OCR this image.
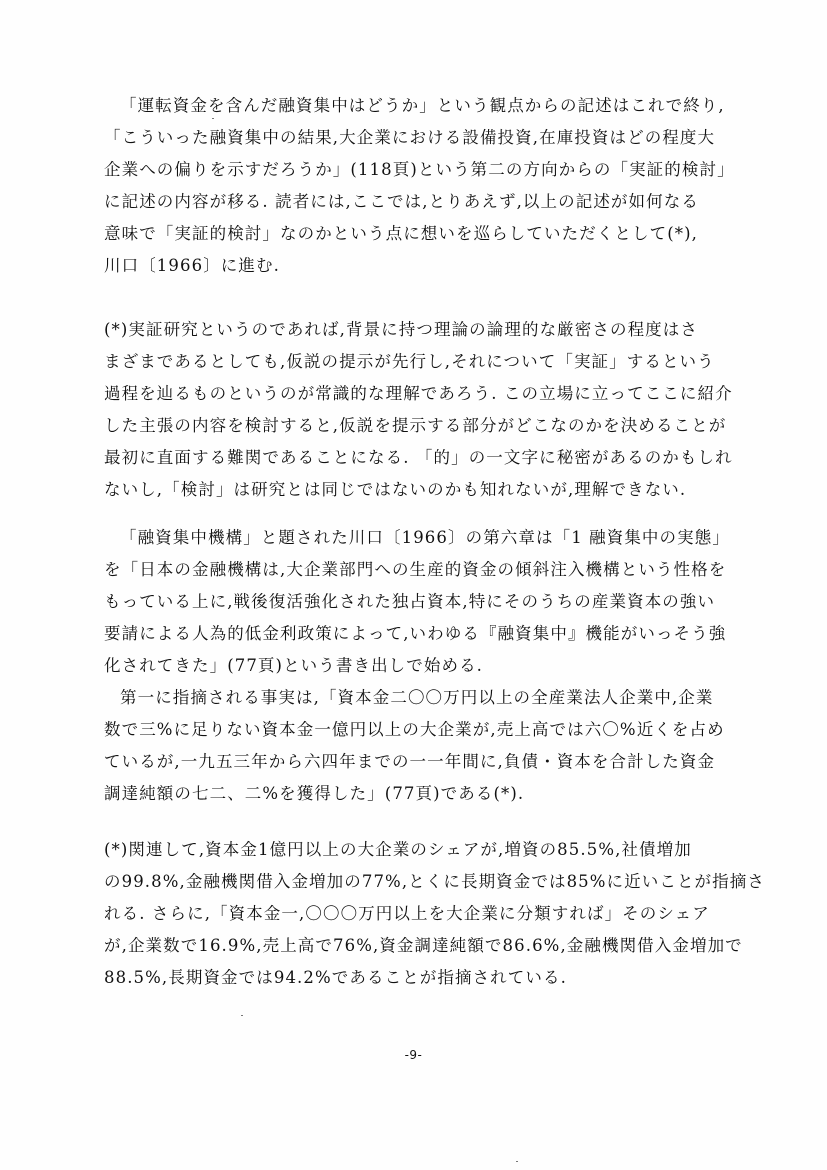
「運転資金を含んだ融資集中はどうか」という観点からの記述はこれで終り,
「こういった融資集中の結果,大企業における設備投資,在庫投資はどの程度大
企業への偏りを示すだろうか」(118頁)という第二の方向からの「実証的検討」
に記述の内容が移る. 読者には,ここでは,とりあえず,以上の記述が如何なる
意味で「実証的検討」なのかという点に想いを巡らしていただくとして(*),
川口〔1966〕に進む.
(*)実証研究というのであれば,背景に持つ理論の論理的な厳密さの程度はさ
まざまであるとしても,仮説の提示が先行し,それについて「実証」するという
過程を辿るものというのが常識的な理解であろう. この立場に立ってここに紹介
した主張の内容を検討すると,仮説を提示する部分がどこなのかを決めることが
最初に直面する難関であることになる. 「的」の一文字に秘密があるのかもしれ
ないし,「検討」は研究とは同じではないのかも知れないが,理解できない.
「融資集中機構」と題された川口〔1966〕の第六章は「1 融資集中の実態」
を「日本の金融機構は,大企業部門への生産的資金の傾斜注入機構という性格を
もっている上に,戦後復活強化された独占資本,特にそのうちの産業資本の強い
要請による人為的低金利政策によって,いわゆる『融資集中』機能がいっそう強
化されてきた」(77頁)という書き出しで始める.
第一に指摘される事実は,「資本金二〇〇万円以上の全産業法人企業中,企業
数で三%に足りない資本金一億円以上の大企業が,売上高では六〇%近くを占め
ているが,一九五三年から六四年までの一一年間に,負債・資本を合計した資金
調達純額の七二、二%を獲得した」(77頁)である(*).
(*)関連して,資本金1億円以上の大企業のシェアが,増資の85.5%,社債増加
の99.8%,金融機関借入金増加の77%,とくに長期資金では85%に近いことが指摘さ
れる. さらに,「資本金一,〇〇〇万円以上を大企業に分類すれば」そのシェア
が,企業数で16.9%,売上高で76%,資金調達純額で86.6%,金融機関借入金増加で
88.5%,長期資金では94.2%であることが指摘されている.
-9-
